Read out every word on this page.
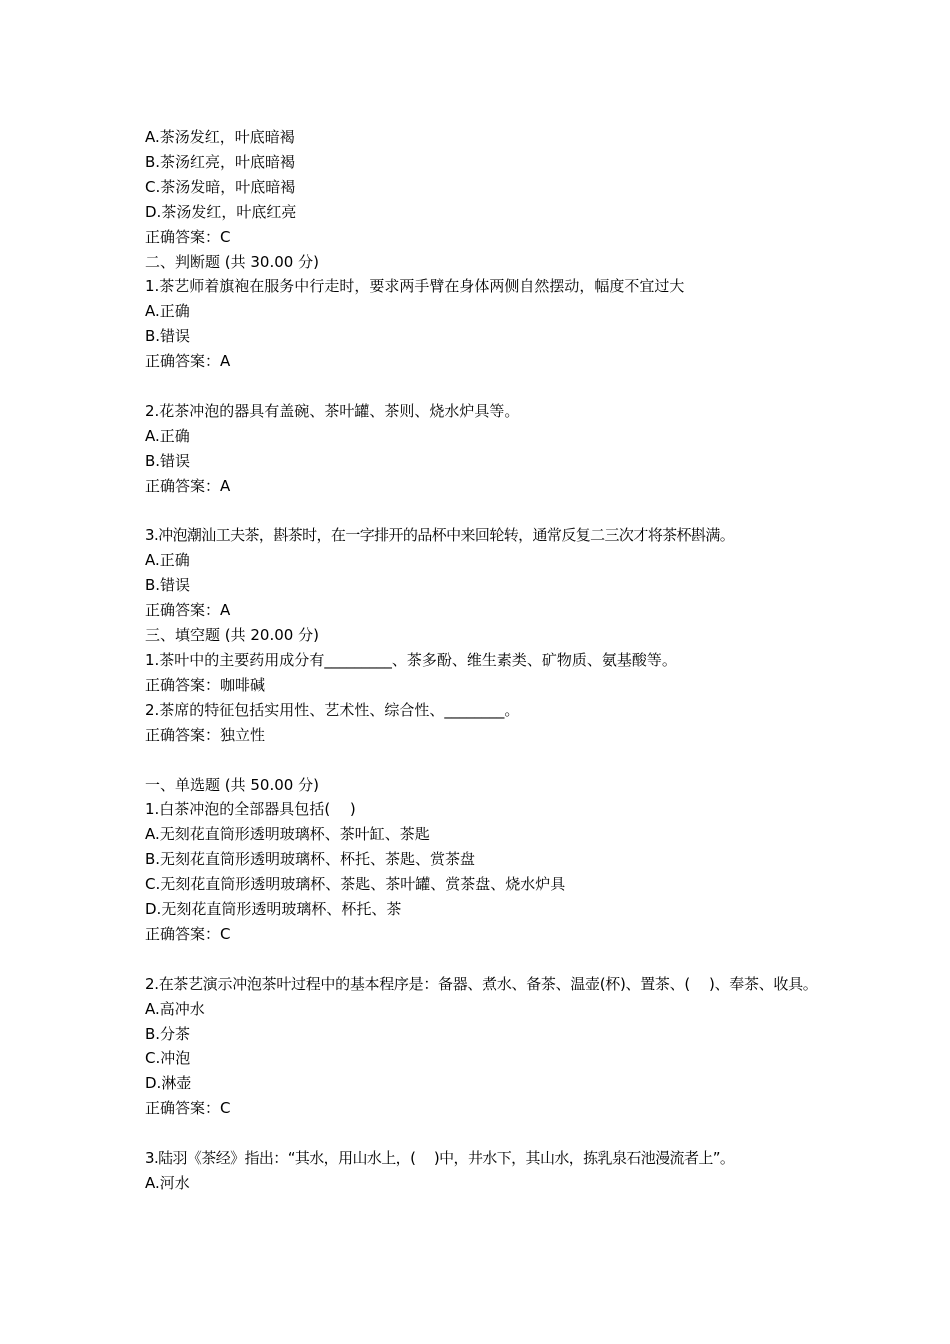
A.茶汤发红，叶底暗褐
B.茶汤红亮，叶底暗褐
C.茶汤发暗，叶底暗褐
D.茶汤发红，叶底红亮
正确答案：C
二、判断题 (共 30.00 分)
1.茶艺师着旗袍在服务中行走时，要求两手臂在身体两侧自然摆动，幅度不宜过大
A.正确
B.错误
正确答案：A
2.花茶冲泡的器具有盖碗、茶叶罐、茶则、烧水炉具等。
A.正确
B.错误
正确答案：A
3.冲泡潮汕工夫茶，斟茶时，在一字排开的品杯中来回轮转，通常反复二三次才将茶杯斟满。
A.正确
B.错误
正确答案：A
三、填空题 (共 20.00 分)
1.茶叶中的主要药用成分有_________、茶多酚、维生素类、矿物质、氨基酸等。
正确答案：咖啡碱
2.茶席的特征包括实用性、艺术性、综合性、________。
正确答案：独立性
一、单选题 (共 50.00 分)
1.白茶冲泡的全部器具包括(　 )
A.无刻花直筒形透明玻璃杯、茶叶缸、茶匙
B.无刻花直筒形透明玻璃杯、杯托、茶匙、赏茶盘
C.无刻花直筒形透明玻璃杯、茶匙、茶叶罐、赏茶盘、烧水炉具
D.无刻花直筒形透明玻璃杯、杯托、茶
正确答案：C
2.在茶艺演示冲泡茶叶过程中的基本程序是：备器、煮水、备茶、温壶(杯)、置茶、(　 )、奉茶、收具。
A.高冲水
B.分茶
C.冲泡
D.淋壶
正确答案：C
3.陆羽《茶经》指出：“其水，用山水上，(　 )中，井水下，其山水，拣乳泉石池漫流者上”。
A.河水
